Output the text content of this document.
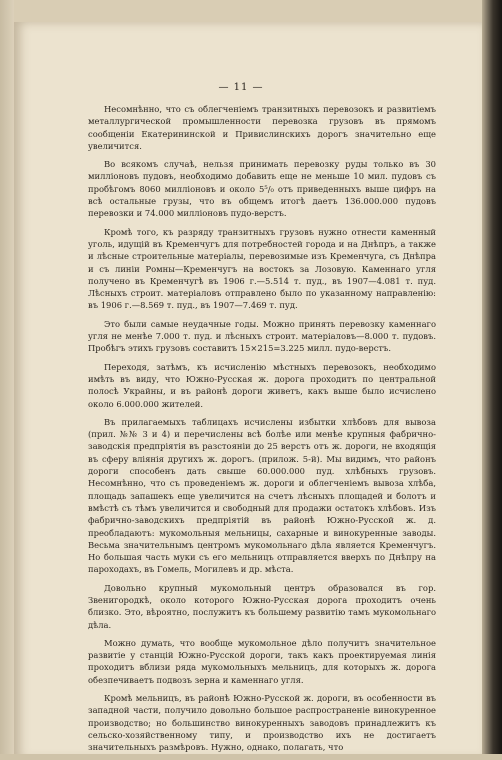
— 11 —

Несомнѣнно, что съ облегченіемъ транзитныхъ перевозокъ и развитіемъ металлургической промышленности перевозка грузовъ въ прямомъ сообщеніи Екатерининской и Привислинскихъ дорогъ значительно еще увеличится.

Во всякомъ случаѣ, нельзя принимать перевозку руды только въ 30 милліоновъ пудовъ, необходимо добавить еще не меньше 10 мил. пудовъ съ пробѣгомъ 8060 милліоновъ и около 5⁵/₀ отъ приведенныхъ выше цифръ на всѣ остальные грузы, что въ общемъ итогѣ даетъ 136.000.000 пудовъ перевозки и 74.000 милліоновъ пудо-верстъ.

Кромѣ того, къ разряду транзитныхъ грузовъ нужно отнести каменный уголь, идущій въ Кременчугъ для потребностей города и на Днѣпръ, а также и лѣсные строительные матеріалы, перевозимые изъ Кременчуга, съ Днѣпра и съ линіи Ромны—Кременчугъ на востокъ за Лозовую. Каменнаго угля получено въ Кременчугѣ въ 1906 г.—5.514 т. пуд., въ 1907—4.081 т. пуд. Лѣсныхъ строит. матеріаловъ отправлено было по указанному направленію: въ 1906 г.—8.569 т. пуд., въ 1907—7.469 т. пуд.

Это были самые неудачные годы. Можно принять перевозку каменнаго угля не менѣе 7.000 т. пуд. и лѣсныхъ строит. матеріаловъ—8.000 т. пудовъ. Пробѣгъ этихъ грузовъ составитъ 15×215=3.225 милл. пудо-верстъ.

Переходя, затѣмъ, къ исчисленію мѣстныхъ перевозокъ, необходимо имѣть въ виду, что Южно-Русская ж. дорога проходитъ по центральной полосѣ Украйны, и въ районѣ дороги живетъ, какъ выше было исчислено около 6.000.000 жителей.

Въ прилагаемыхъ таблицахъ исчислены избытки хлѣбовъ для вывоза (прил. №№ 3 и 4) и перечислены всѣ болѣе или менѣе крупныя фабрично-заводскія предпріятія въ разстояніи до 25 верстъ отъ ж. дороги, не входящія въ сферу вліянія другихъ ж. дорогъ. (прилож. 5-й). Мы видимъ, что районъ дороги способенъ дать свыше 60.000.000 пуд. хлѣбныхъ грузовъ. Несомнѣнно, что съ проведеніемъ ж. дороги и облегченіемъ вывоза хлѣба, площадь запашекъ еще увеличится на счетъ лѣсныхъ площадей и болотъ и вмѣстѣ съ тѣмъ увеличится и свободный для продажи остатокъ хлѣбовъ. Изъ фабрично-заводскихъ предпріятій въ районѣ Южно-Русской ж. д. преобладаютъ: мукомольныя мельницы, сахарные и винокуренные заводы. Весьма значительнымъ центромъ мукомольнаго дѣла является Кременчугъ. Но большая часть муки съ его мельницъ отправляется вверхъ по Днѣпру на пароходахъ, въ Гомель, Могилевъ и др. мѣста.

Довольно крупный мукомольный центръ образовался въ гор. Звенигородкѣ, около которого Южно-Русская дорога проходитъ очень близко. Это, вѣроятно, послужитъ къ большему развитію тамъ мукомольнаго дѣла.

Можно думать, что вообще мукомольное дѣло получитъ значительное развитіе у станцій Южно-Русской дороги, такъ какъ проектируемая линія проходитъ вблизи ряда мукомольныхъ мельницъ, для которыхъ ж. дорога обезпечиваетъ подвозъ зерна и каменнаго угля.

Кромѣ мельницъ, въ районѣ Южно-Русской ж. дороги, въ особенности въ западной части, получило довольно большое распространеніе винокуренное производство; но большинство винокуренныхъ заводовъ принадлежитъ къ сельско-хозяйственному типу, и производство ихъ не достигаетъ значительныхъ размѣровъ. Нужно, однако, полагать, что
